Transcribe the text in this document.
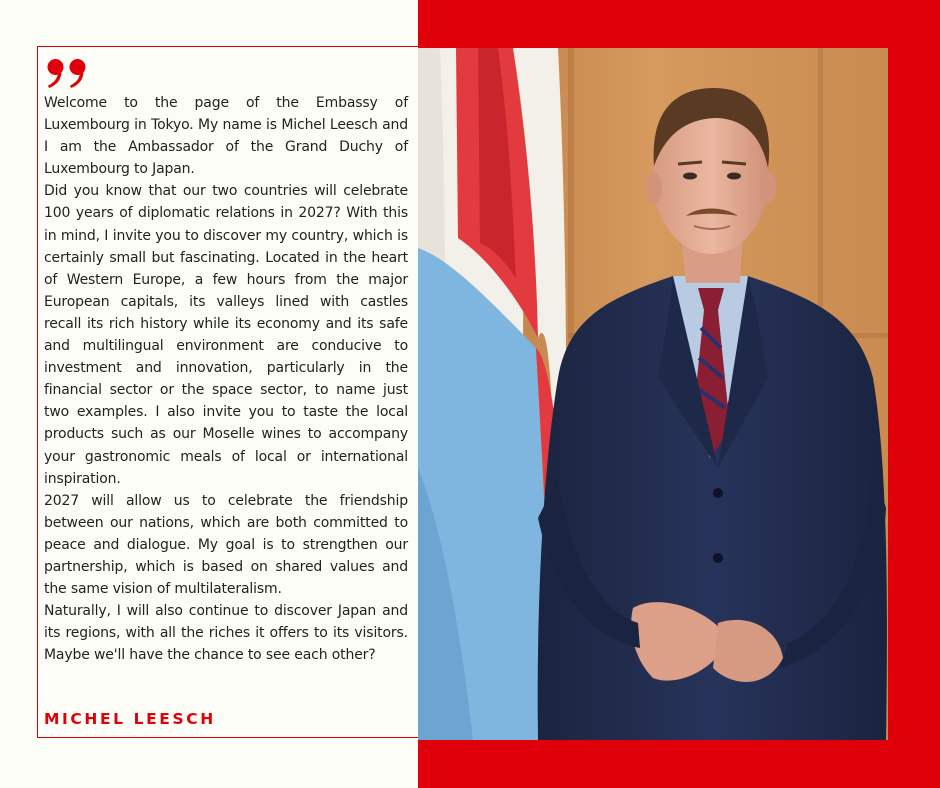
Welcome to the page of the Embassy of Luxembourg in Tokyo. My name is Michel Leesch and I am the Ambassador of the Grand Duchy of Luxembourg to Japan.

Did you know that our two countries will celebrate 100 years of diplomatic relations in 2027? With this in mind, I invite you to discover my country, which is certainly small but fascinating. Located in the heart of Western Europe, a few hours from the major European capitals, its valleys lined with castles recall its rich history while its economy and its safe and multilingual environment are conducive to investment and innovation, particularly in the financial sector or the space sector, to name just two examples. I also invite you to taste the local products such as our Moselle wines to accompany your gastronomic meals of local or international inspiration.

2027 will allow us to celebrate the friendship between our nations, which are both committed to peace and dialogue. My goal is to strengthen our partnership, which is based on shared values and the same vision of multilateralism.

Naturally, I will also continue to discover Japan and its regions, with all the riches it offers to its visitors. Maybe we'll have the chance to see each other?

MICHEL LEESCH
